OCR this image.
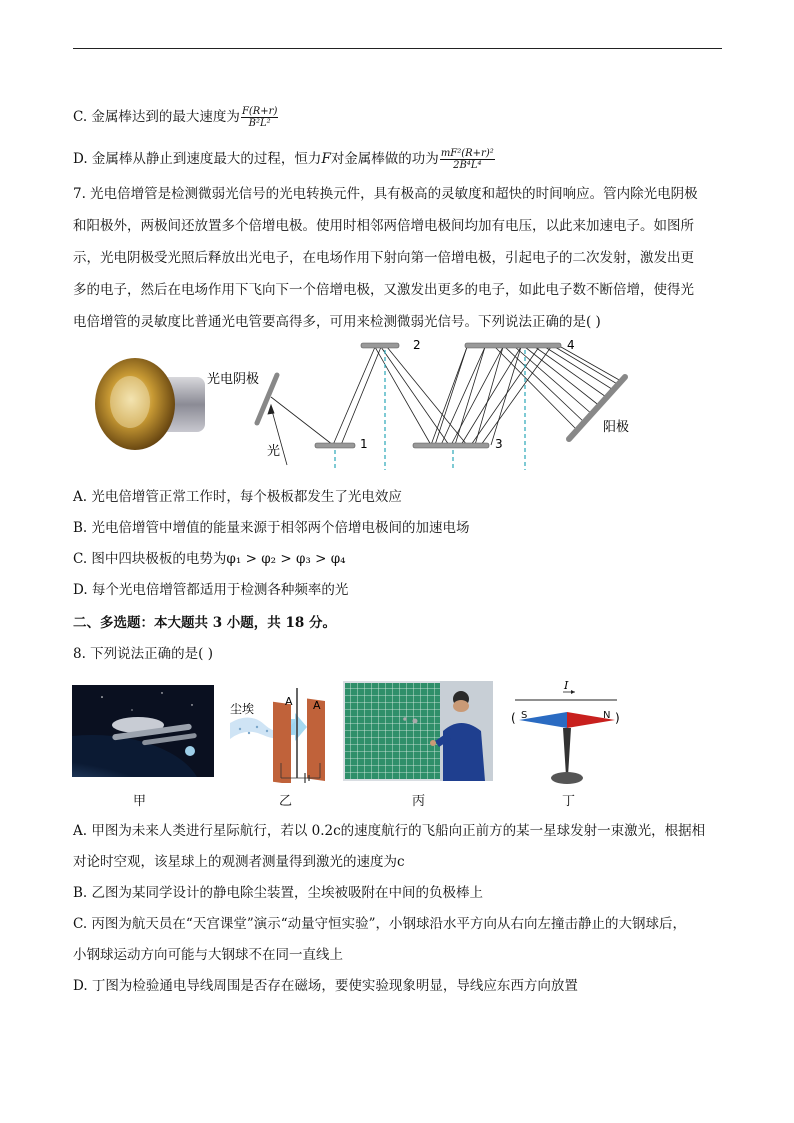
C. 金属棒达到的最大速度为 $\frac{F(R+r)}{\text{B²L²}}$
D. 金属棒从静止到速度最大的过程，恒力F对金属棒做的功为 $\frac{\text{mF²(R+r)²}}{\text{2B⁴L⁴}}$
7. 光电倍增管是检测微弱光信号的光电转换元件，具有极高的灵敏度和超快的时间响应。管内除光电阴极
和阳极外，两极间还放置多个倍增电极。使用时相邻两倍增电极间均加有电压，以此来加速电子。如图所
示，光电阴极受光照后释放出光电子，在电场作用下射向第一倍增电极，引起电子的二次发射，激发出更
多的电子，然后在电场作用下飞向下一个倍增电极，又激发出更多的电子，如此电子数不断倍增，使得光
电倍增管的灵敏度比普通光电管要高得多，可用来检测微弱光信号。下列说法正确的是( )
光电阴极
光	1
2
3
4
阳极
A. 光电倍增管正常工作时，每个极板都发生了光电效应
B. 光电倍增管中增值的能量来源于相邻两个倍增电极间的加速电场
C. 图中四块极板的电势为φ₁ > φ₂ > φ₃ > φ₄
D. 每个光电倍增管都适用于检测各种频率的光
二、多选题：本大题共 3 小题，共 18 分。
8. 下列说法正确的是( )
甲
尘埃
A A
乙	丙
I
(	)
S	N
丁
A. 甲图为未来人类进行星际航行，若以 0.2c的速度航行的飞船向正前方的某一星球发射一束激光，根据相
对论时空观，该星球上的观测者测量得到激光的速度为c
B. 乙图为某同学设计的静电除尘装置，尘埃被吸附在中间的负极棒上
C. 丙图为航天员在“天宫课堂”演示“动量守恒实验”，小钢球沿水平方向从右向左撞击静止的大钢球后，
小钢球运动方向可能与大钢球不在同一直线上
D. 丁图为检验通电导线周围是否存在磁场，要使实验现象明显，导线应东西方向放置
